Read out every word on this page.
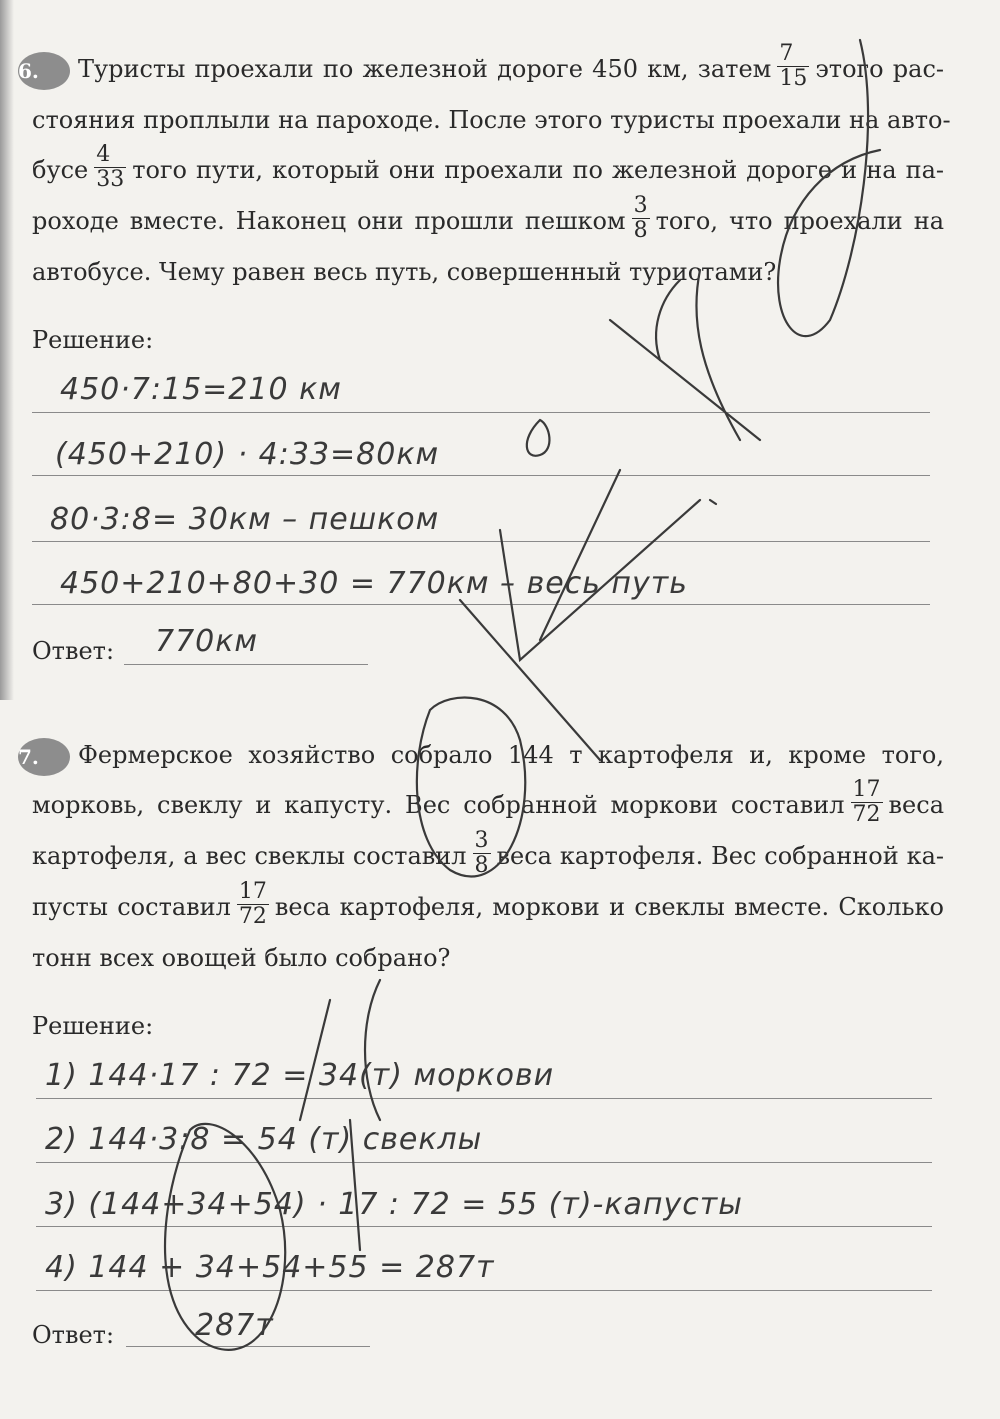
6. Туристы проехали по железной дороге 450 км, затем $\frac{7}{15}$ этого рас-
стояния проплыли на пароходе. После этого туристы проехали на авто-
бусе $\frac{4}{33}$ того пути, который они проехали по железной дороге и на па-
роходе вместе. Наконец они прошли пешком $\frac{3}{8}$ того, что проехали на
автобусе. Чему равен весь путь, совершенный туристами?
Решение:
450·7:15=210 км
(450+210) · 4:33=80км
80·3:8= 30км – пешком
450+210+80+30 = 770км – весь путь
Ответ: 770км
7. Фермерское хозяйство собрало 144 т картофеля и, кроме того,
морковь, свеклу и капусту. Вес собранной моркови составил $\frac{17}{72}$ веса
картофеля, а вес свеклы составил $\frac{3}{8}$ веса картофеля. Вес собранной ка-
пусты составил $\frac{17}{72}$ веса картофеля, моркови и свеклы вместе. Сколько
тонн всех овощей было собрано?
Решение:
1) 144·17 : 72 = 34(т) моркови
2) 144·3:8 = 54 (т) свеклы
3) (144+34+54) · 17 : 72 = 55 (т)-капусты
4) 144 + 34+54+55 = 287т
Ответ:	287т
